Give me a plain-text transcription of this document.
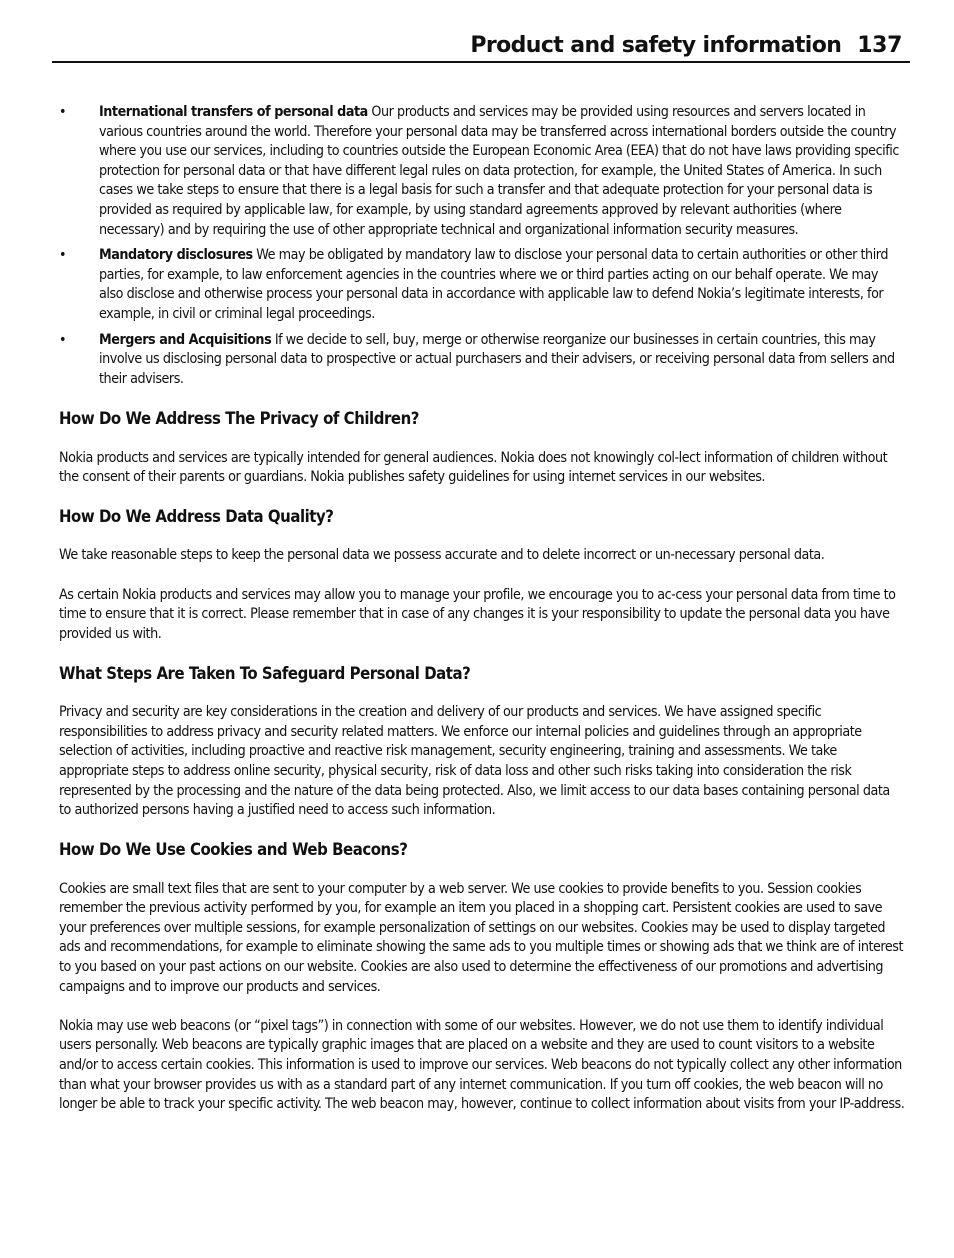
Product and safety information 137
• International transfers of personal data Our products and services may be provided using resources and servers located in various countries around the world. Therefore your personal data may be transferred across international borders outside the country where you use our services, including to countries outside the European Economic Area (EEA) that do not have laws providing specific protection for personal data or that have different legal rules on data protection, for example, the United States of America. In such cases we take steps to ensure that there is a legal basis for such a transfer and that adequate protection for your personal data is provided as required by applicable law, for example, by using standard agreements approved by relevant authorities (where necessary) and by requiring the use of other appropriate technical and organizational information security measures.
• Mandatory disclosures We may be obligated by mandatory law to disclose your personal data to certain authorities or other third parties, for example, to law enforcement agencies in the countries where we or third parties acting on our behalf operate. We may also disclose and otherwise process your personal data in accordance with applicable law to defend Nokia’s legitimate interests, for example, in civil or criminal legal proceedings.
• Mergers and Acquisitions If we decide to sell, buy, merge or otherwise reorganize our businesses in certain countries, this may involve us disclosing personal data to prospective or actual purchasers and their advisers, or receiving personal data from sellers and their advisers.
How Do We Address The Privacy of Children?

Nokia products and services are typically intended for general audiences. Nokia does not knowingly col-lect information of children without the consent of their parents or guardians. Nokia publishes safety guidelines for using internet services in our websites.

How Do We Address Data Quality?

We take reasonable steps to keep the personal data we possess accurate and to delete incorrect or un-necessary personal data.

As certain Nokia products and services may allow you to manage your profile, we encourage you to ac-cess your personal data from time to time to ensure that it is correct. Please remember that in case of any changes it is your responsibility to update the personal data you have provided us with.

What Steps Are Taken To Safeguard Personal Data?

Privacy and security are key considerations in the creation and delivery of our products and services. We have assigned specific responsibilities to address privacy and security related matters. We enforce our internal policies and guidelines through an appropriate selection of activities, including proactive and reactive risk management, security engineering, training and assessments. We take appropriate steps to address online security, physical security, risk of data loss and other such risks taking into consideration the risk represented by the processing and the nature of the data being protected. Also, we limit access to our data bases containing personal data to authorized persons having a justified need to access such information.

How Do We Use Cookies and Web Beacons?

Cookies are small text files that are sent to your computer by a web server. We use cookies to provide benefits to you. Session cookies remember the previous activity performed by you, for example an item you placed in a shopping cart. Persistent cookies are used to save your preferences over multiple sessions, for example personalization of settings on our websites. Cookies may be used to display targeted ads and recommendations, for example to eliminate showing the same ads to you multiple times or showing ads that we think are of interest to you based on your past actions on our website. Cookies are also used to determine the effectiveness of our promotions and advertising campaigns and to improve our products and services.

Nokia may use web beacons (or “pixel tags”) in connection with some of our websites. However, we do not use them to identify individual users personally. Web beacons are typically graphic images that are placed on a website and they are used to count visitors to a website and/or to access certain cookies. This information is used to improve our services. Web beacons do not typically collect any other information than what your browser provides us with as a standard part of any internet communication. If you turn off cookies, the web beacon will no longer be able to track your specific activity. The web beacon may, however, continue to collect information about visits from your IP-address.
